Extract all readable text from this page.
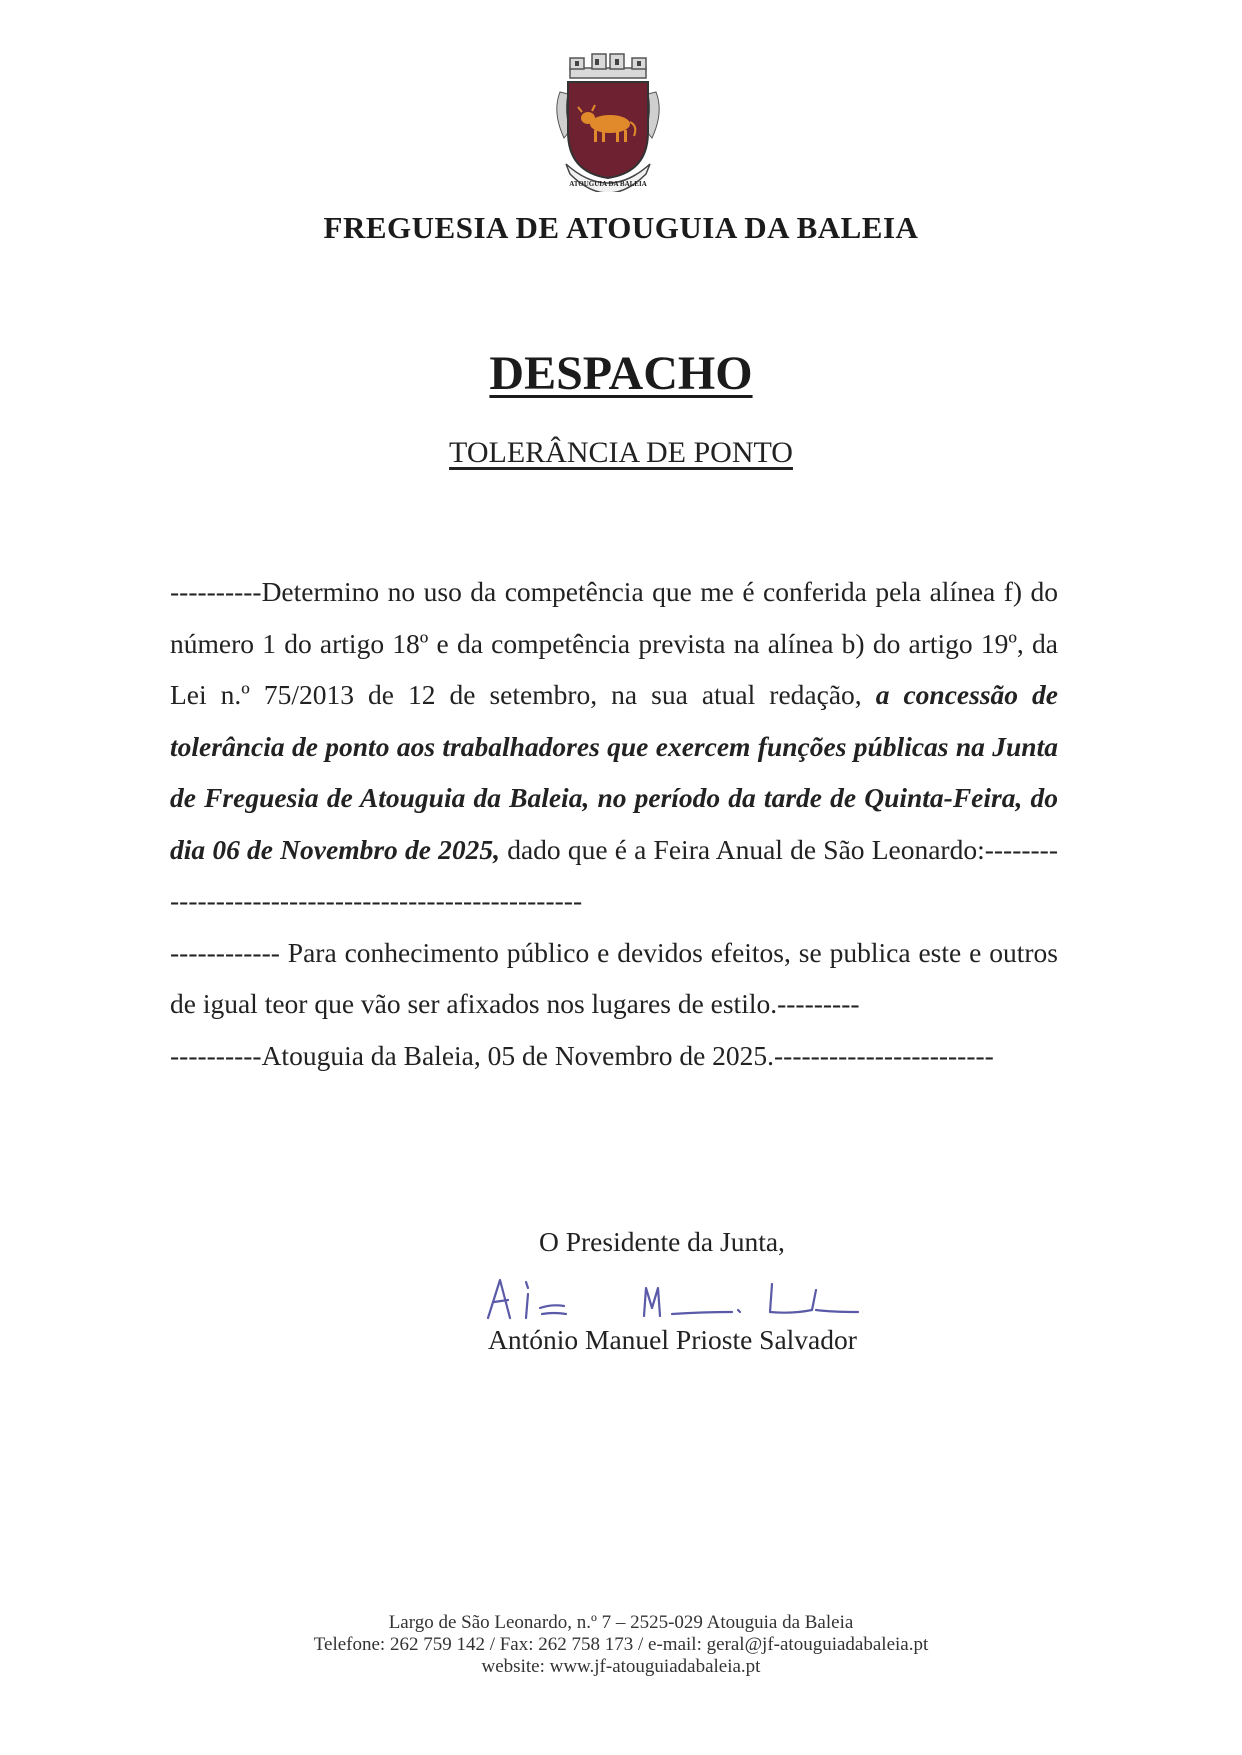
ATOUGUIA DA BALEIA
FREGUESIA DE ATOUGUIA DA BALEIA
DESPACHO
TOLERÂNCIA DE PONTO

----------Determino no uso da competência que me é conferida pela alínea f) do número 1 do artigo 18º e da competência prevista na alínea b) do artigo 19º, da Lei n.º 75/2013 de 12 de setembro, na sua atual redação, a concessão de tolerância de ponto aos trabalhadores que exercem funções públicas na Junta de Freguesia de Atouguia da Baleia, no período da tarde de Quinta-Feira, do dia 06 de Novembro de 2025, dado que é a Feira Anual de São Leonardo:-----------------------------------------------------

------------ Para conhecimento público e devidos efeitos, se publica este e outros de igual teor que vão ser afixados nos lugares de estilo.---------

----------Atouguia da Baleia, 05 de Novembro de 2025.------------------------

O Presidente da Junta,
António Manuel Prioste Salvador
Largo de São Leonardo, n.º 7 – 2525-029 Atouguia da Baleia
Telefone: 262 759 142 / Fax: 262 758 173 / e-mail: geral@jf-atouguiadabaleia.pt
website: www.jf-atouguiadabaleia.pt
